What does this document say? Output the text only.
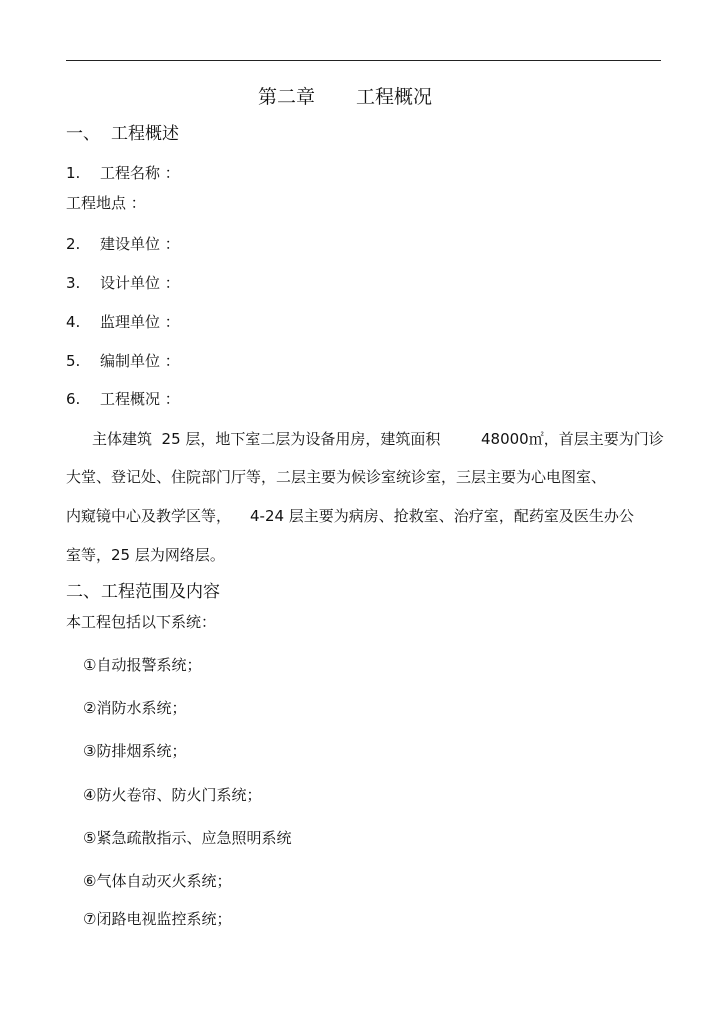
第二章 工程概况
一、 工程概述
1. 工程名称 ：
工程地点 ：
2. 建设单位 ：
3. 设计单位 ：
4. 监理单位 ：
5. 编制单位 ：
6. 工程概况 ：
主体建筑  25 层，地下室二层为设备用房，建筑面积	48000㎡，首层主要为门诊
大堂、登记处、住院部门厅等，二层主要为候诊室统诊室，三层主要为心电图室、
内窥镜中心及教学区等， 4-24 层主要为病房、抢救室、治疗室，配药室及医生办公
室等，25 层为网络层。
二、 工程范围及内容
本工程包括以下系统：
①自动报警系统；
②消防水系统；
③防排烟系统；
④防火卷帘、防火门系统；
⑤紧急疏散指示、应急照明系统
⑥气体自动灭火系统；
⑦闭路电视监控系统；
